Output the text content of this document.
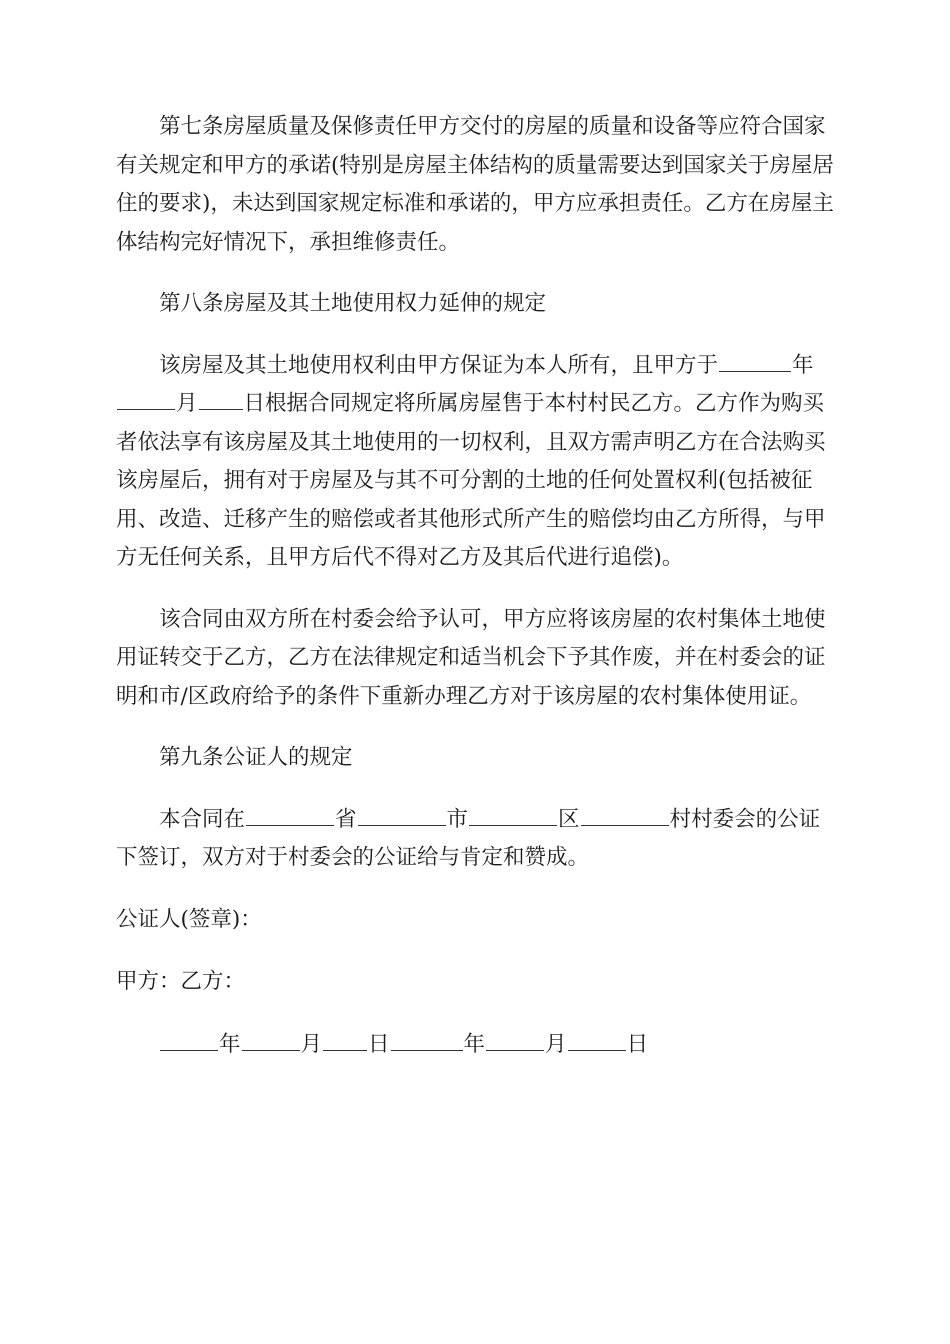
第七条房屋质量及保修责任甲方交付的房屋的质量和设备等应符合国家有关规定和甲方的承诺(特别是房屋主体结构的质量需要达到国家关于房屋居住的要求)，未达到国家规定标准和承诺的，甲方应承担责任。乙方在房屋主体结构完好情况下，承担维修责任。

第八条房屋及其土地使用权力延伸的规定

该房屋及其土地使用权利由甲方保证为本人所有，且甲方于	年月 日根据合同规定将所属房屋售于本村村民乙方。乙方作为购买者依法享有该房屋及其土地使用的一切权利，且双方需声明乙方在合法购买该房屋后，拥有对于房屋及与其不可分割的土地的任何处置权利(包括被征用、改造、迁移产生的赔偿或者其他形式所产生的赔偿均由乙方所得，与甲方无任何关系，且甲方后代不得对乙方及其后代进行追偿)。

该合同由双方所在村委会给予认可，甲方应将该房屋的农村集体土地使用证转交于乙方，乙方在法律规定和适当机会下予其作废，并在村委会的证明和市/区政府给予的条件下重新办理乙方对于该房屋的农村集体使用证。

第九条公证人的规定

本合同在	省	市	区	村村委会的公证下签订，双方对于村委会的公证给与肯定和赞成。

公证人(签章)：

甲方：乙方：

年	月 日	年	月	日
